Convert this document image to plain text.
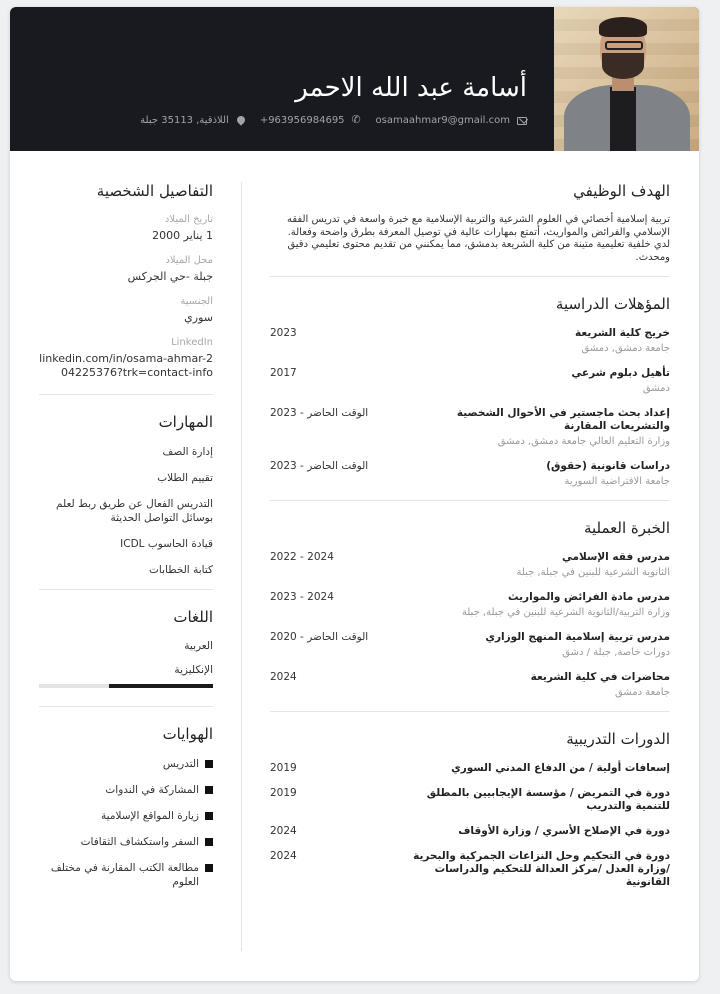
أسامة عبد الله الاحمر
osamaahmar9@gmail.com
✆
+963956984695
اللاذقية, 35113 جبلة
التفاصيل الشخصية
تاريخ الميلاد
1 يناير 2000
محل الميلاد
جبلة -حي الجركس
الجنسية
سوري
LinkedIn
linkedin.com/in/osama-ahmar-204225376?trk=contact-info
المهارات
إدارة الصف
تقييم الطلاب
التدريس الفعال عن طريق ربط لعلم بوسائل التواصل الحديثة
قيادة الحاسوب ICDL
كتابة الخطابات
اللغات
العربية
الإنكليزية
الهوايات
التدريس
المشاركة في الندوات
زيارة المواقع الإسلامية
السفر واستكشاف الثقافات
مطالعة الكتب المقارنة في مختلف العلوم
الهدف الوظيفي
تربية إسلامية أخصائي في العلوم الشرعية والتربية الإسلامية مع خبرة واسعة في تدريس الفقه الإسلامي والفرائض والمواريث، أتمتع بمهارات عالية في توصيل المعرفة بطرق واضحة وفعالة. لدي خلفية تعليمية متينة من كلية الشريعة بدمشق، مما يمكنني من تقديم محتوى تعليمي دقيق ومحدث.
المؤهلات الدراسية
خريج كلية الشريعة
جامعة دمشق, دمشق
2023
تأهيل دبلوم شرعي
دمشق
2017
إعداد بحث ماجستير في الأحوال الشخصية والتشريعات المقارنة
وزارة التعليم العالي جامعة دمشق, دمشق
2023 - الوقت الحاضر
دراسات قانونية (حقوق)
جامعة الافتراضية السورية
2023 - الوقت الحاضر
الخبرة العملية
مدرس فقه الإسلامي
الثانوية الشرعية للبنين في جبلة, جبلة
2022 - 2024
مدرس مادة الفرائض والمواريث
وزارة التربية/الثانوية الشرعية للبنين في جبلة, جبلة
2023 - 2024
مدرس تربية إسلامية المنهج الوزاري
دورات خاصة, جبلة / دشق
2020 - الوقت الحاضر
محاضرات في كلية الشريعة
جامعة دمشق
2024
الدورات التدريبية
إسعافات أولية / من الدفاع المدني السوري
2019
دورة في التمريض / مؤسسة الإيجابيين بالمطلق للتنمية والتدريب
2019
دورة في الإصلاح الأسري / وزارة الأوقاف
2024
دورة في التحكيم وحل النزاعات الجمركية والبحرية /وزارة العدل /مركز العدالة للتحكيم والدراسات القانونية
2024
